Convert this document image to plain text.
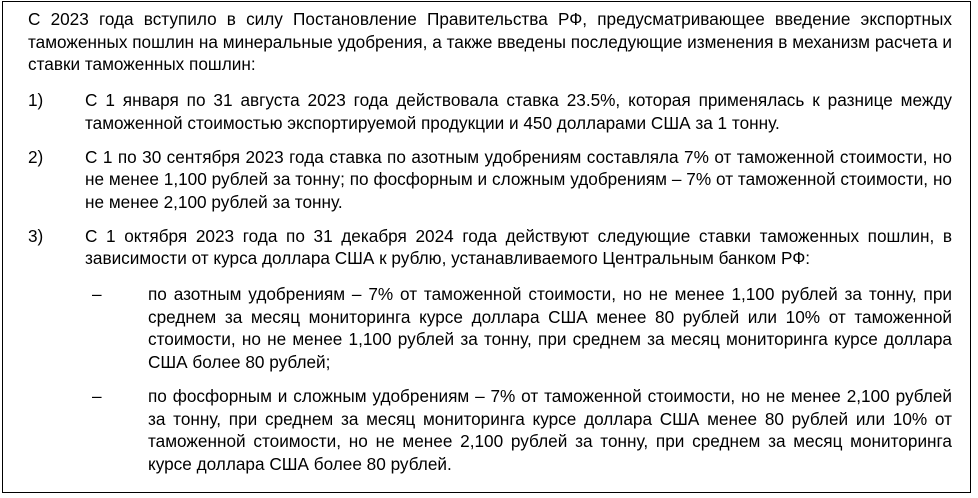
С 2023 года вступило в силу Постановление Правительства РФ, предусматривающее введение экспортных таможенных пошлин на минеральные удобрения, а также введены последующие изменения в механизм расчета и ставки таможенных пошлин:

1)	С 1 января по 31 августа 2023 года действовала ставка 23.5%, которая применялась к разнице между таможенной стоимостью экспортируемой продукции и 450 долларами США за 1 тонну.
2)	С 1 по 30 сентября 2023 года ставка по азотным удобрениям составляла 7% от таможенной стоимости, но не менее 1,100 рублей за тонну; по фосфорным и сложным удобрениям – 7% от таможенной стоимости, но не менее 2,100 рублей за тонну.
3)	С 1 октября 2023 года по 31 декабря 2024 года действуют следующие ставки таможенных пошлин, в зависимости от курса доллара США к рублю, устанавливаемого Центральным банком РФ:
–	по азотным удобрениям – 7% от таможенной стоимости, но не менее 1,100 рублей за тонну, при среднем за месяц мониторинга курсе доллара США менее 80 рублей или 10% от таможенной стоимости, но не менее 1,100 рублей за тонну, при среднем за месяц мониторинга курсе доллара США более 80 рублей;
–	по фосфорным и сложным удобрениям – 7% от таможенной стоимости, но не менее 2,100 рублей за тонну, при среднем за месяц мониторинга курсе доллара США менее 80 рублей или 10% от таможенной стоимости, но не менее 2,100 рублей за тонну, при среднем за месяц мониторинга курсе доллара США более 80 рублей.
